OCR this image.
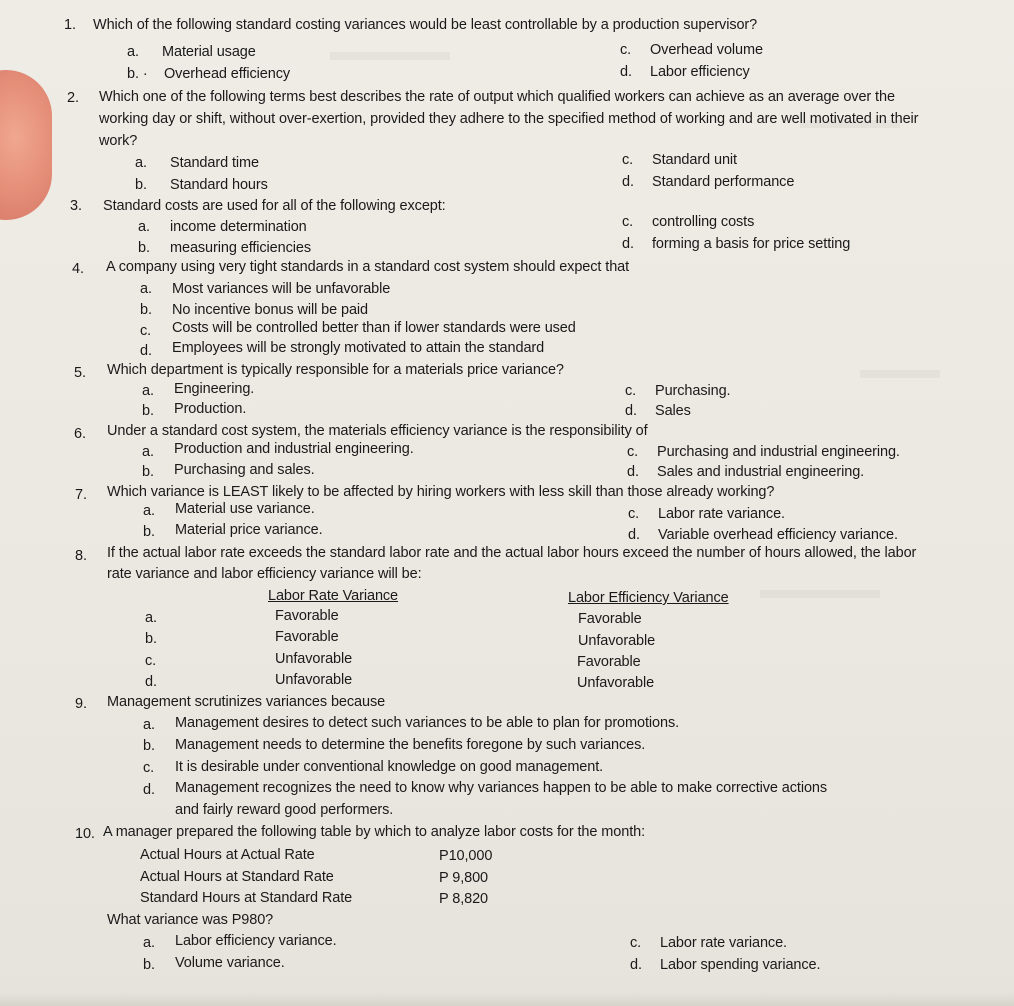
1. Which of the following standard costing variances would be least controllable by a production supervisor?
a. Material usage
b. · Overhead efficiency
c. Overhead volume
d. Labor efficiency
2. Which one of the following terms best describes the rate of output which qualified workers can achieve as an average over the
working day or shift, without over-exertion, provided they adhere to the specified method of working and are well motivated in their
work?
a. Standard time
b. Standard hours
c. Standard unit
d. Standard performance
3. Standard costs are used for all of the following except:
a. income determination
b. measuring efficiencies
c. controlling costs
d. forming a basis for price setting
4. A company using very tight standards in a standard cost system should expect that
a. Most variances will be unfavorable
b. No incentive bonus will be paid
c. Costs will be controlled better than if lower standards were used
d. Employees will be strongly motivated to attain the standard
5. Which department is typically responsible for a materials price variance?
a. Engineering.
b. Production.
c. Purchasing.
d. Sales
6. Under a standard cost system, the materials efficiency variance is the responsibility of
a. Production and industrial engineering.
b. Purchasing and sales.
c. Purchasing and industrial engineering.
d. Sales and industrial engineering.
7. Which variance is LEAST likely to be affected by hiring workers with less skill than those already working?
a. Material use variance.
b. Material price variance.
c. Labor rate variance.
d. Variable overhead efficiency variance.
8. If the actual labor rate exceeds the standard labor rate and the actual labor hours exceed the number of hours allowed, the labor
rate variance and labor efficiency variance will be:
Labor Rate Variance	Labor Efficiency Variance
a.	Favorable	Favorable
b.	Favorable	Unfavorable
c.	Unfavorable	Favorable
d.	Unfavorable	Unfavorable
9. Management scrutinizes variances because
a. Management desires to detect such variances to be able to plan for promotions.
b. Management needs to determine the benefits foregone by such variances.
c. It is desirable under conventional knowledge on good management.
d. Management recognizes the need to know why variances happen to be able to make corrective actions
and fairly reward good performers.
10. A manager prepared the following table by which to analyze labor costs for the month:
Actual Hours at Actual Rate	P10,000
Actual Hours at Standard Rate	P 9,800
Standard Hours at Standard Rate	P 8,820
What variance was P980?
a. Labor efficiency variance.
b. Volume variance.
c. Labor rate variance.
d. Labor spending variance.
